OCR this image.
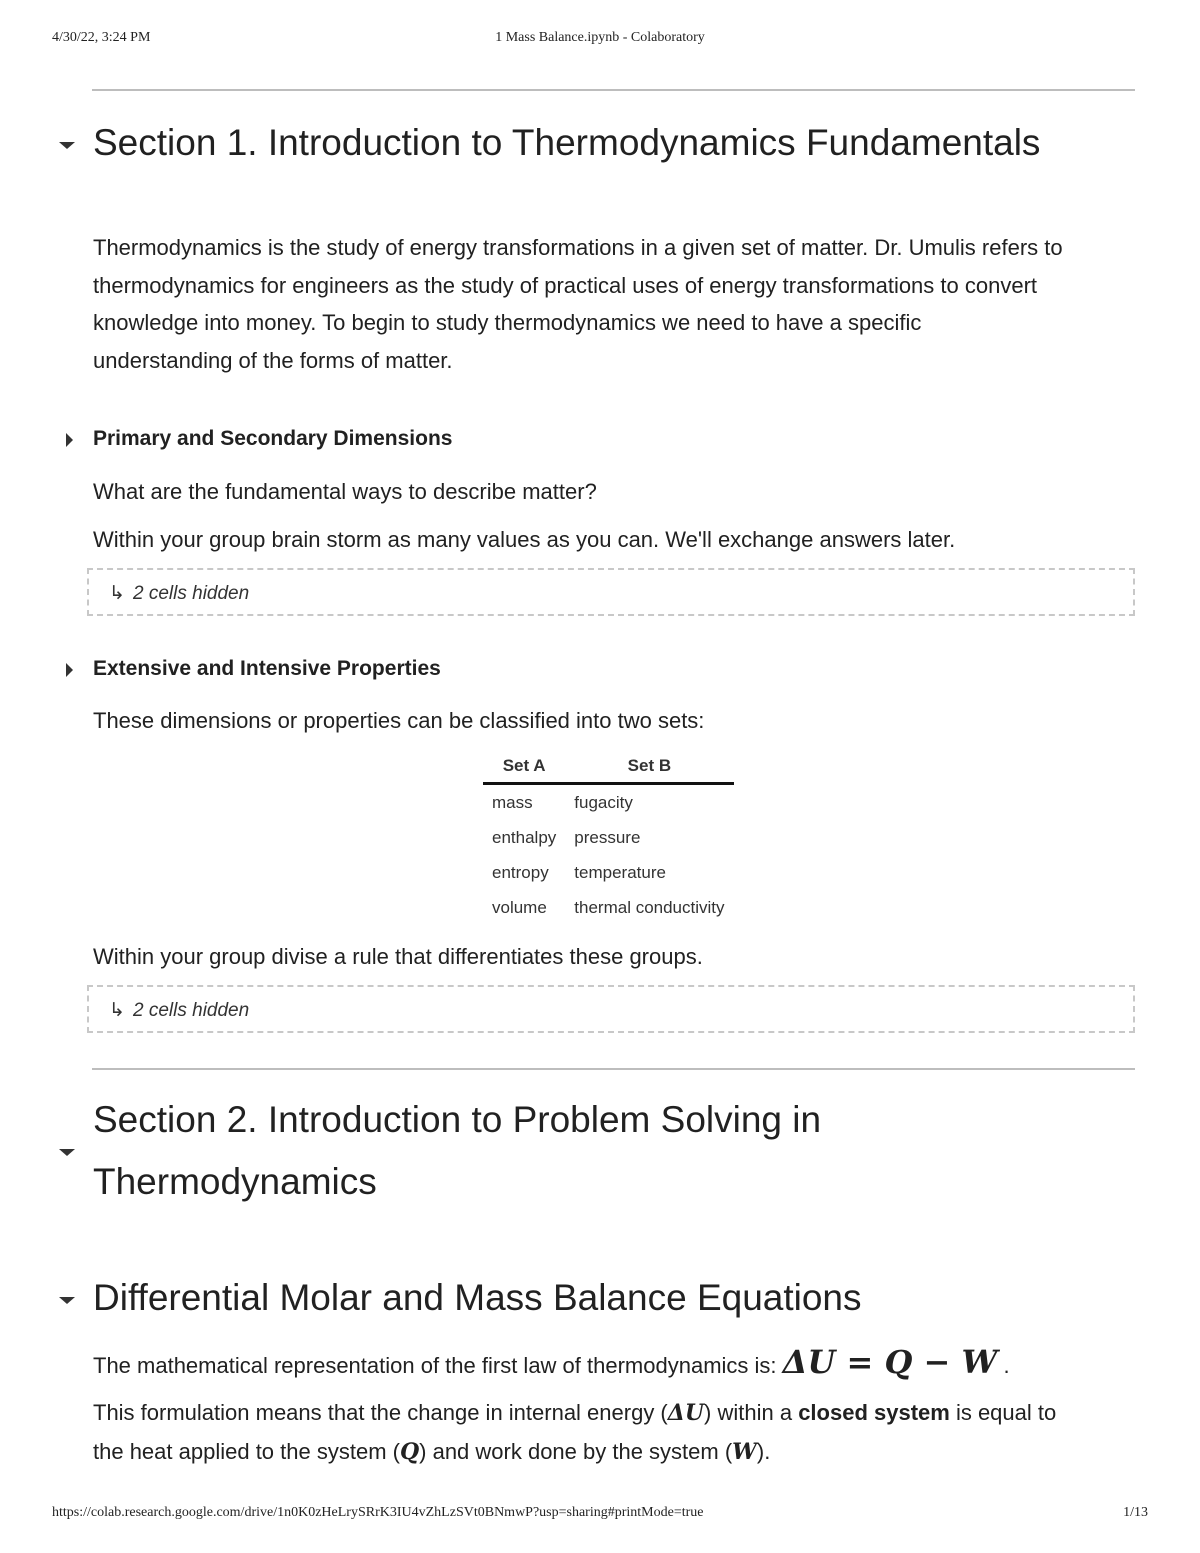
4/30/22, 3:24 PM	1 Mass Balance.ipynb - Colaboratory
Section 1. Introduction to Thermodynamics Fundamentals
Thermodynamics is the study of energy transformations in a given set of matter. Dr. Umulis refers to
thermodynamics for engineers as the study of practical uses of energy transformations to convert
knowledge into money. To begin to study thermodynamics we need to have a specific
understanding of the forms of matter.
Primary and Secondary Dimensions

What are the fundamental ways to describe matter?

Within your group brain storm as many values as you can. We'll exchange answers later.

↳ 2 cells hidden
Extensive and Intensive Properties

These dimensions or properties can be classified into two sets:

Set A	Set B
mass	fugacity
enthalpy	pressure
entropy	temperature
volume	thermal conductivity

Within your group divise a rule that differentiates these groups.

↳ 2 cells hidden
Section 2. Introduction to Problem Solving in
Thermodynamics
Differential Molar and Mass Balance Equations

The mathematical representation of the first law of thermodynamics is: ΔU = Q − W .

This formulation means that the change in internal energy (ΔU) within a closed system is equal to
the heat applied to the system (Q) and work done by the system (W).
https://colab.research.google.com/drive/1n0K0zHeLrySRrK3IU4vZhLzSVt0BNmwP?usp=sharing#printMode=true	1/13
